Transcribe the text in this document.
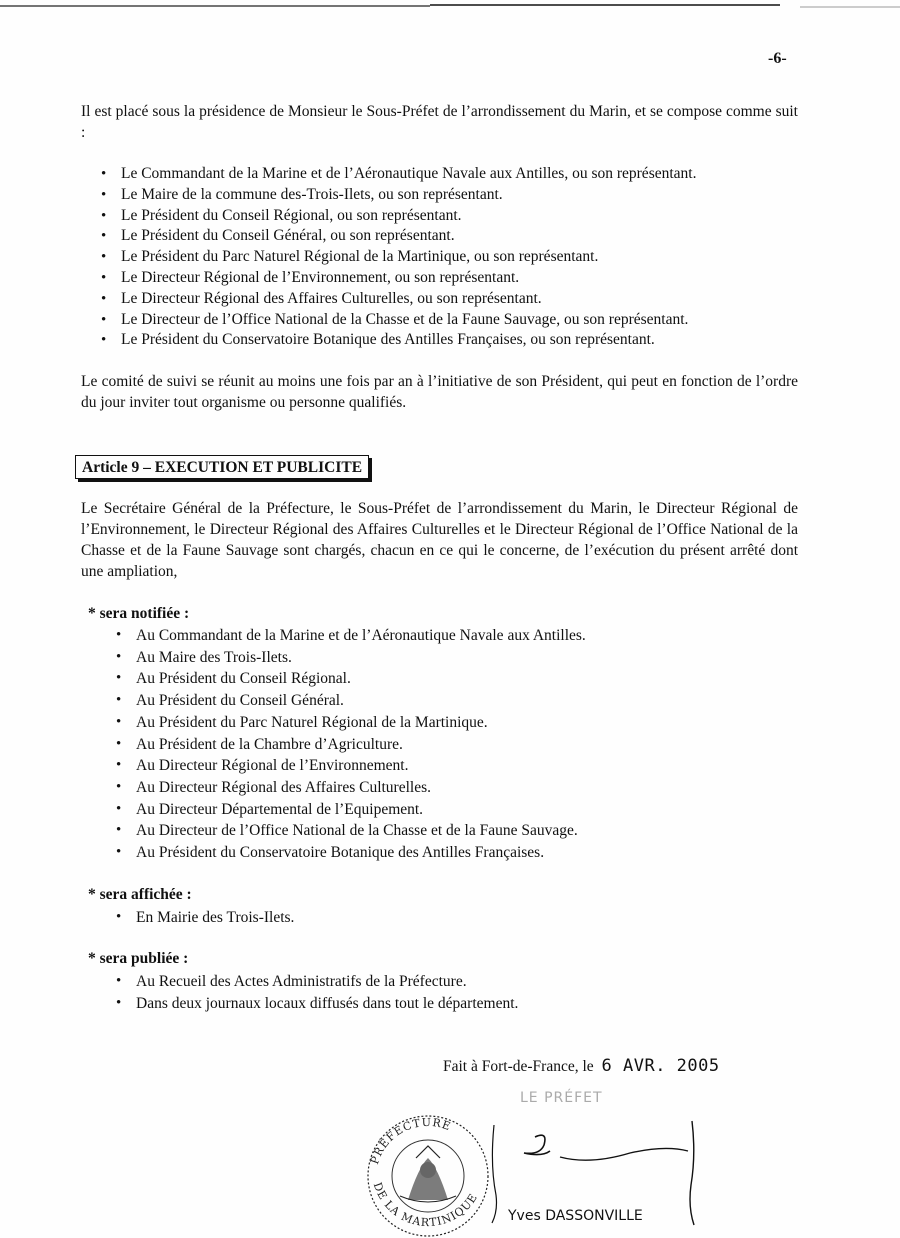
-6-

Il est placé sous la présidence de Monsieur le Sous-Préfet de l’arrondissement du Marin, et se compose comme suit :

• Le Commandant de la Marine et de l’Aéronautique Navale aux Antilles, ou son représentant.
• Le Maire de la commune des-Trois-Ilets, ou son représentant.
• Le Président du Conseil Régional, ou son représentant.
• Le Président du Conseil Général, ou son représentant.
• Le Président du Parc Naturel Régional de la Martinique, ou son représentant.
• Le Directeur Régional de l’Environnement, ou son représentant.
• Le Directeur Régional des Affaires Culturelles, ou son représentant.
• Le Directeur de l’Office National de la Chasse et de la Faune Sauvage, ou son représentant.
• Le Président du Conservatoire Botanique des Antilles Françaises, ou son représentant.

Le comité de suivi se réunit au moins une fois par an à l’initiative de son Président, qui peut en fonction de l’ordre du jour inviter tout organisme ou personne qualifiés.

Article 9 – EXECUTION ET PUBLICITE

Le Secrétaire Général de la Préfecture, le Sous-Préfet de l’arrondissement du Marin, le Directeur Régional de l’Environnement, le Directeur Régional des Affaires Culturelles et le Directeur Régional de l’Office National de la Chasse et de la Faune Sauvage sont chargés, chacun en ce qui le concerne, de l’exécution du présent arrêté dont une ampliation,

* sera notifiée :
• Au Commandant de la Marine et de l’Aéronautique Navale aux Antilles.
• Au Maire des Trois-Ilets.
• Au Président du Conseil Régional.
• Au Président du Conseil Général.
• Au Président du Parc Naturel Régional de la Martinique.
• Au Président de la Chambre d’Agriculture.
• Au Directeur Régional de l’Environnement.
• Au Directeur Régional des Affaires Culturelles.
• Au Directeur Départemental de l’Equipement.
• Au Directeur de l’Office National de la Chasse et de la Faune Sauvage.
• Au Président du Conservatoire Botanique des Antilles Françaises.
* sera affichée :
• En Mairie des Trois-Ilets.
* sera publiée :
• Au Recueil des Actes Administratifs de la Préfecture.
• Dans deux journaux locaux diffusés dans tout le département.
Fait à Fort-de-France, le 6 AVR. 2005
LE PRÉFET
PRÉFECTURE
DE LA MARTINIQUE
Yves DASSONVILLE
